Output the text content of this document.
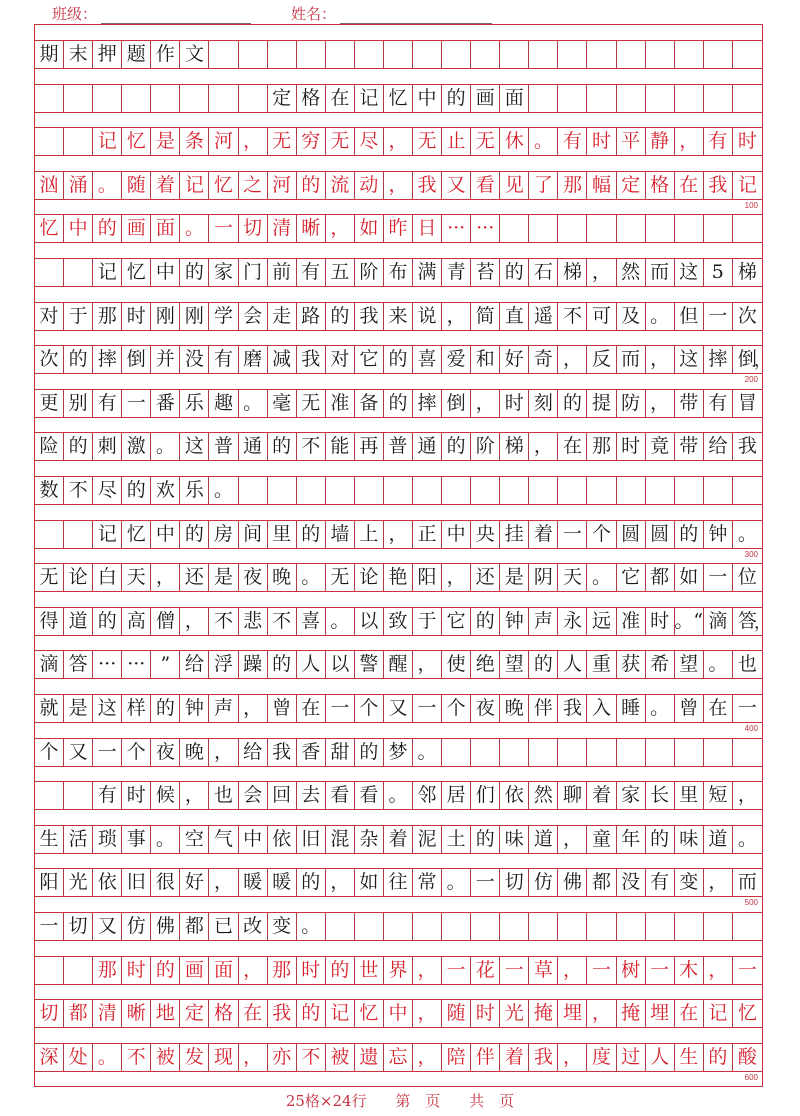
班级：	姓名：
期 末 押 题 作 文
定 格 在 记 忆 中 的 画 面
记 忆 是 条 河 ， 无 穷 无 尽 ， 无 止 无 休 。 有 时 平 静 ， 有 时
汹 涌 。 随 着 记 忆 之 河 的 流 动 ， 我 又 看 见 了 那 幅 定 格 在 我 记
100
忆 中 的 画 面 。 一 切 清 晰 ， 如 昨 日 ··· ···
记 忆 中 的 家 门 前 有 五 阶 布 满 青 苔 的 石 梯 ， 然 而 这 5 梯
对 于 那 时 刚 刚 学 会 走 路 的 我 来 说 ， 简 直 遥 不 可 及 。 但 一 次
次 的 摔 倒 并 没 有 磨 减 我 对 它 的 喜 爱 和 好 奇 ， 反 而 ， 这 摔 倒
，
200
更 别 有 一 番 乐 趣 。 毫 无 准 备 的 摔 倒 ， 时 刻 的 提 防 ， 带 有 冒
险 的 刺 激 。 这 普 通 的 不 能 再 普 通 的 阶 梯 ， 在 那 时 竟 带 给 我
数 不 尽 的 欢 乐 。
记 忆 中 的 房 间 里 的 墙 上 ， 正 中 央 挂 着 一 个 圆 圆 的 钟 。
300
无 论 白 天 ， 还 是 夜 晚 。 无 论 艳 阳 ， 还 是 阴 天 。 它 都 如 一 位
得 道 的 高 僧 ， 不 悲 不 喜 。 以 致 于 它 的 钟 声 永 远 准 时 。“ 滴 答
，
滴 答 ··· ··· ” 给 浮 躁 的 人 以 警 醒 ， 使 绝 望 的 人 重 获 希 望 。 也
就 是 这 样 的 钟 声 ， 曾 在 一 个 又 一 个 夜 晚 伴 我 入 睡 。 曾 在 一
400
个 又 一 个 夜 晚 ， 给 我 香 甜 的 梦 。
有 时 候 ， 也 会 回 去 看 看 。 邻 居 们 依 然 聊 着 家 长 里 短 ，
生 活 琐 事 。 空 气 中 依 旧 混 杂 着 泥 土 的 味 道 ， 童 年 的 味 道 。
阳 光 依 旧 很 好 ， 暖 暖 的 ， 如 往 常 。 一 切 仿 佛 都 没 有 变 ， 而
500
一 切 又 仿 佛 都 已 改 变 。
那 时 的 画 面 ， 那 时 的 世 界 ， 一 花 一 草 ， 一 树 一 木 ， 一
切 都 清 晰 地 定 格 在 我 的 记 忆 中 ， 随 时 光 掩 埋 ， 掩 埋 在 记 忆
深 处 。 不 被 发 现 ， 亦 不 被 遗 忘 ， 陪 伴 着 我 ， 度 过 人 生 的 酸
600
25格×24行 第　页 共　页
